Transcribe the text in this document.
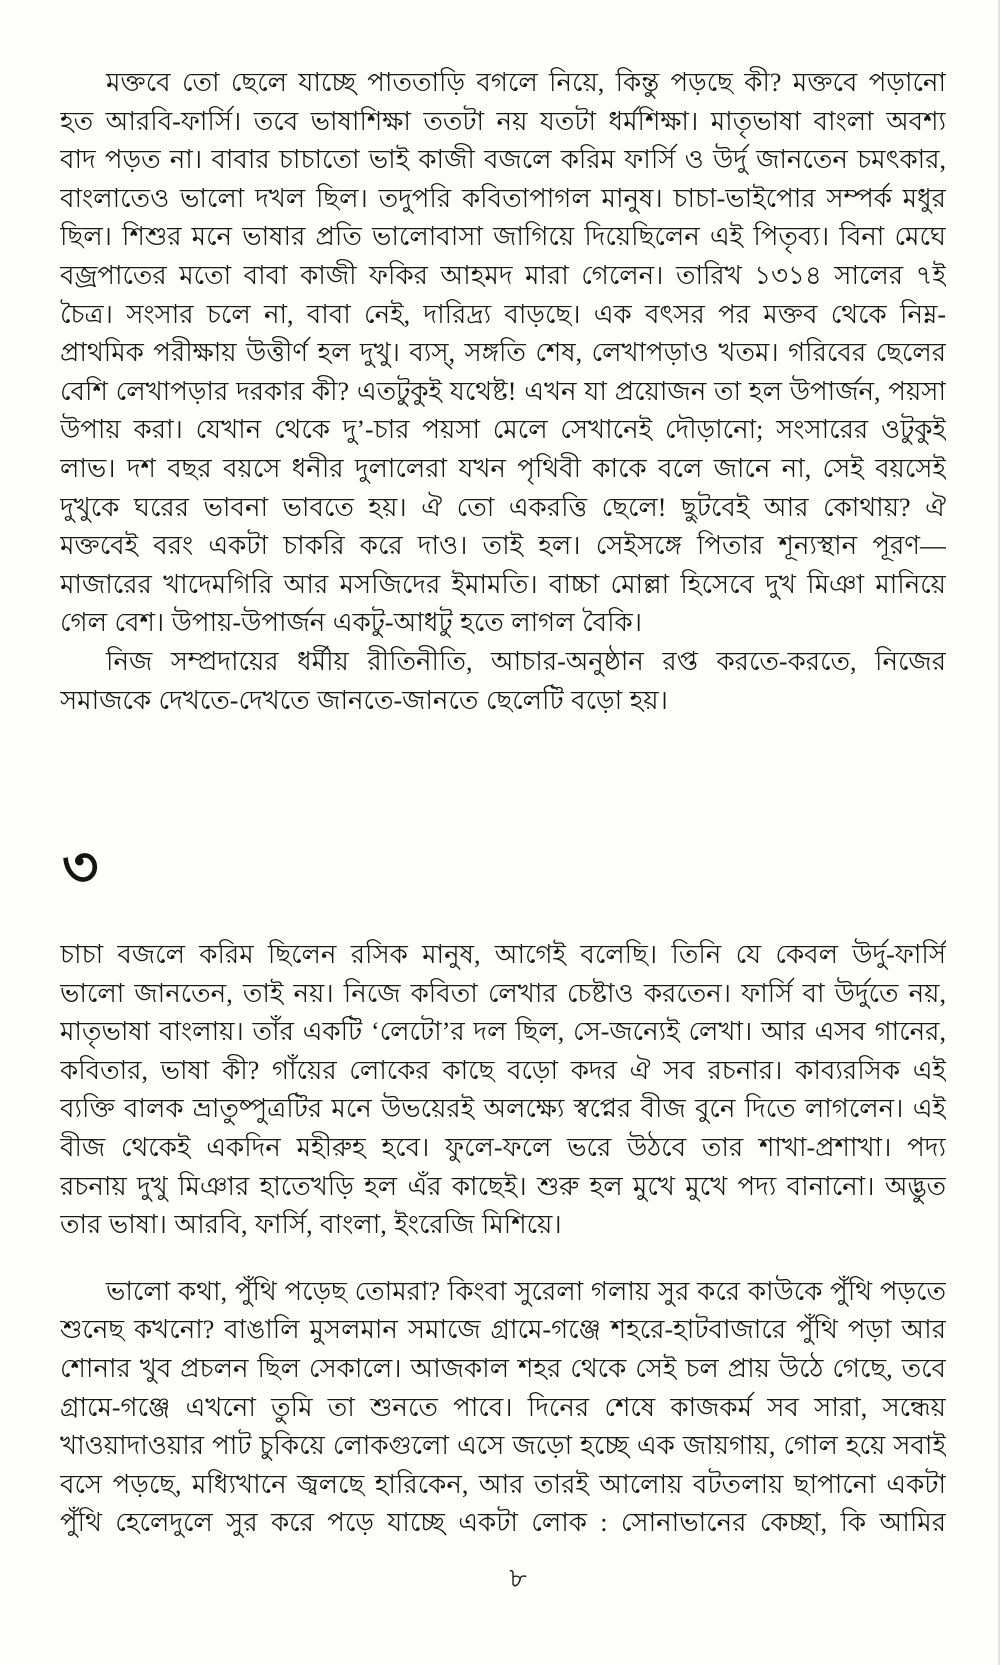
মক্তবে তো ছেলে যাচ্ছে পাততাড়ি বগলে নিয়ে, কিন্তু পড়ছে কী? মক্তবে পড়ানো
হত আরবি-ফার্সি। তবে ভাষাশিক্ষা ততটা নয় যতটা ধর্মশিক্ষা। মাতৃভাষা বাংলা অবশ্য
বাদ পড়ত না। বাবার চাচাতো ভাই কাজী বজলে করিম ফার্সি ও উর্দু জানতেন চমৎকার,
বাংলাতেও ভালো দখল ছিল। তদুপরি কবিতাপাগল মানুষ। চাচা-ভাইপোর সম্পর্ক মধুর
ছিল। শিশুর মনে ভাষার প্রতি ভালোবাসা জাগিয়ে দিয়েছিলেন এই পিতৃব্য। বিনা মেঘে
বজ্রপাতের মতো বাবা কাজী ফকির আহমদ মারা গেলেন। তারিখ ১৩১৪ সালের ৭ই
চৈত্র। সংসার চলে না, বাবা নেই, দারিদ্র্য বাড়ছে। এক বৎসর পর মক্তব থেকে নিম্ন-
প্রাথমিক পরীক্ষায় উত্তীর্ণ হল দুখু। ব্যস্, সঙ্গতি শেষ, লেখাপড়াও খতম। গরিবের ছেলের
বেশি লেখাপড়ার দরকার কী? এতটুকুই যথেষ্ট! এখন যা প্রয়োজন তা হল উপার্জন, পয়সা
উপায় করা। যেখান থেকে দু’-চার পয়সা মেলে সেখানেই দৌড়ানো; সংসারের ওটুকুই
লাভ। দশ বছর বয়সে ধনীর দুলালেরা যখন পৃথিবী কাকে বলে জানে না, সেই বয়সেই
দুখুকে ঘরের ভাবনা ভাবতে হয়। ঐ তো একরত্তি ছেলে! ছুটবেই আর কোথায়? ঐ
মক্তবেই বরং একটা চাকরি করে দাও। তাই হল। সেইসঙ্গে পিতার শূন্যস্থান পূরণ—
মাজারের খাদেমগিরি আর মসজিদের ইমামতি। বাচ্চা মোল্লা হিসেবে দুখ মিঞা মানিয়ে
গেল বেশ। উপায়-উপার্জন একটু-আধটু হতে লাগল বৈকি।
নিজ সম্প্রদায়ের ধর্মীয় রীতিনীতি, আচার-অনুষ্ঠান রপ্ত করতে-করতে, নিজের
সমাজকে দেখতে-দেখতে জানতে-জানতে ছেলেটি বড়ো হয়।
৩
চাচা বজলে করিম ছিলেন রসিক মানুষ, আগেই বলেছি। তিনি যে কেবল উর্দু-ফার্সি
ভালো জানতেন, তাই নয়। নিজে কবিতা লেখার চেষ্টাও করতেন। ফার্সি বা উর্দুতে নয়,
মাতৃভাষা বাংলায়। তাঁর একটি ‘লেটো’র দল ছিল, সে-জন্যেই লেখা। আর এসব গানের,
কবিতার, ভাষা কী? গাঁয়ের লোকের কাছে বড়ো কদর ঐ সব রচনার। কাব্যরসিক এই
ব্যক্তি বালক ভ্রাতুষ্পুত্রটির মনে উভয়েরই অলক্ষ্যে স্বপ্নের বীজ বুনে দিতে লাগলেন। এই
বীজ থেকেই একদিন মহীরুহ হবে। ফুলে-ফলে ভরে উঠবে তার শাখা-প্রশাখা। পদ্য
রচনায় দুখু মিঞার হাতেখড়ি হল এঁর কাছেই। শুরু হল মুখে মুখে পদ্য বানানো। অদ্ভুত
তার ভাষা। আরবি, ফার্সি, বাংলা, ইংরেজি মিশিয়ে।
ভালো কথা, পুঁথি পড়েছ তোমরা? কিংবা সুরেলা গলায় সুর করে কাউকে পুঁথি পড়তে
শুনেছ কখনো? বাঙালি মুসলমান সমাজে গ্রামে-গঞ্জে শহরে-হাটবাজারে পুঁথি পড়া আর
শোনার খুব প্রচলন ছিল সেকালে। আজকাল শহর থেকে সেই চল প্রায় উঠে গেছে, তবে
গ্রামে-গঞ্জে এখনো তুমি তা শুনতে পাবে। দিনের শেষে কাজকর্ম সব সারা, সন্ধেয়
খাওয়াদাওয়ার পাট চুকিয়ে লোকগুলো এসে জড়ো হচ্ছে এক জায়গায়, গোল হয়ে সবাই
বসে পড়ছে, মধ্যিখানে জ্বলছে হারিকেন, আর তারই আলোয় বটতলায় ছাপানো একটা
পুঁথি হেলেদুলে সুর করে পড়ে যাচ্ছে একটা লোক : সোনাভানের কেচ্ছা, কি আমির
৮
